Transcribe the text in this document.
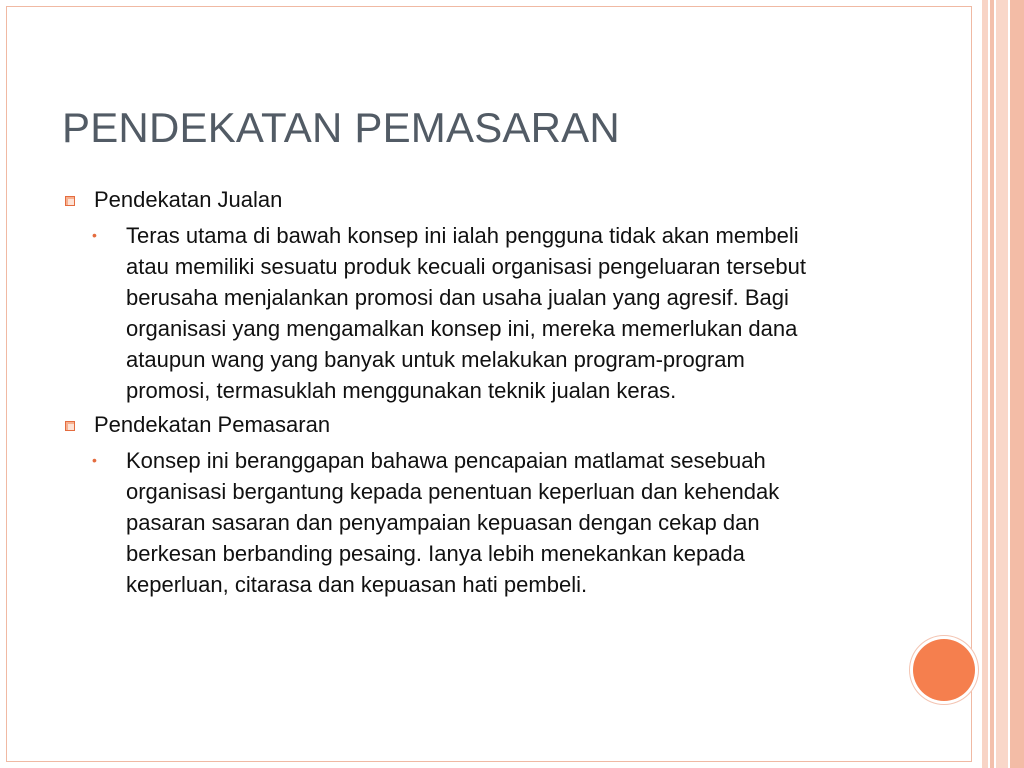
PENDEKATAN PEMASARAN
Pendekatan Jualan
• Teras utama di bawah konsep ini ialah pengguna tidak akan membeli
atau memiliki sesuatu produk kecuali organisasi pengeluaran tersebut
berusaha menjalankan promosi dan usaha jualan yang agresif. Bagi
organisasi yang mengamalkan konsep ini, mereka memerlukan dana
ataupun wang yang banyak untuk melakukan program-program
promosi, termasuklah menggunakan teknik jualan keras.
Pendekatan Pemasaran
• Konsep ini beranggapan bahawa pencapaian matlamat sesebuah
organisasi bergantung kepada penentuan keperluan dan kehendak
pasaran sasaran dan penyampaian kepuasan dengan cekap dan
berkesan berbanding pesaing. Ianya lebih menekankan kepada
keperluan, citarasa dan kepuasan hati pembeli.
